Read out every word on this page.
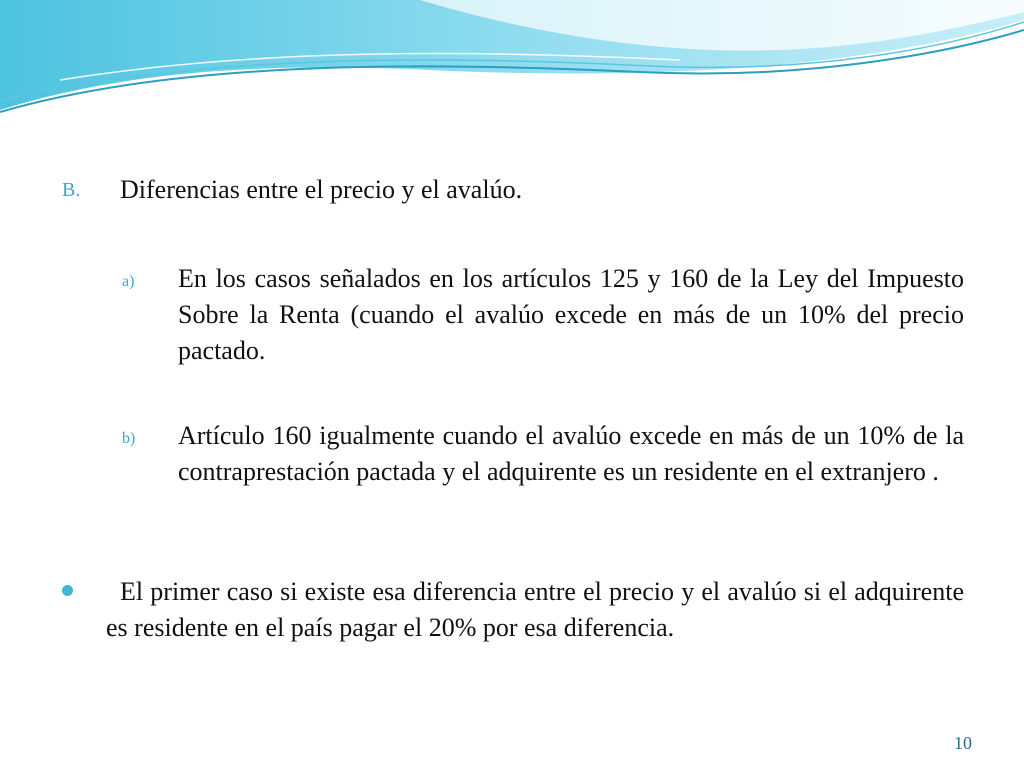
B. Diferencias entre el precio y el avalúo.
a) En los casos señalados en los artículos 125 y 160 de la Ley del Impuesto Sobre la Renta (cuando el avalúo excede en más de un 10% del precio pactado.
b) Artículo 160 igualmente cuando el avalúo excede en más de un 10% de la contraprestación pactada y el adquirente es un residente en el extranjero .
El primer caso si existe esa diferencia entre el precio y el avalúo si el adquirente es residente en el país pagar el 20% por esa diferencia.
10
